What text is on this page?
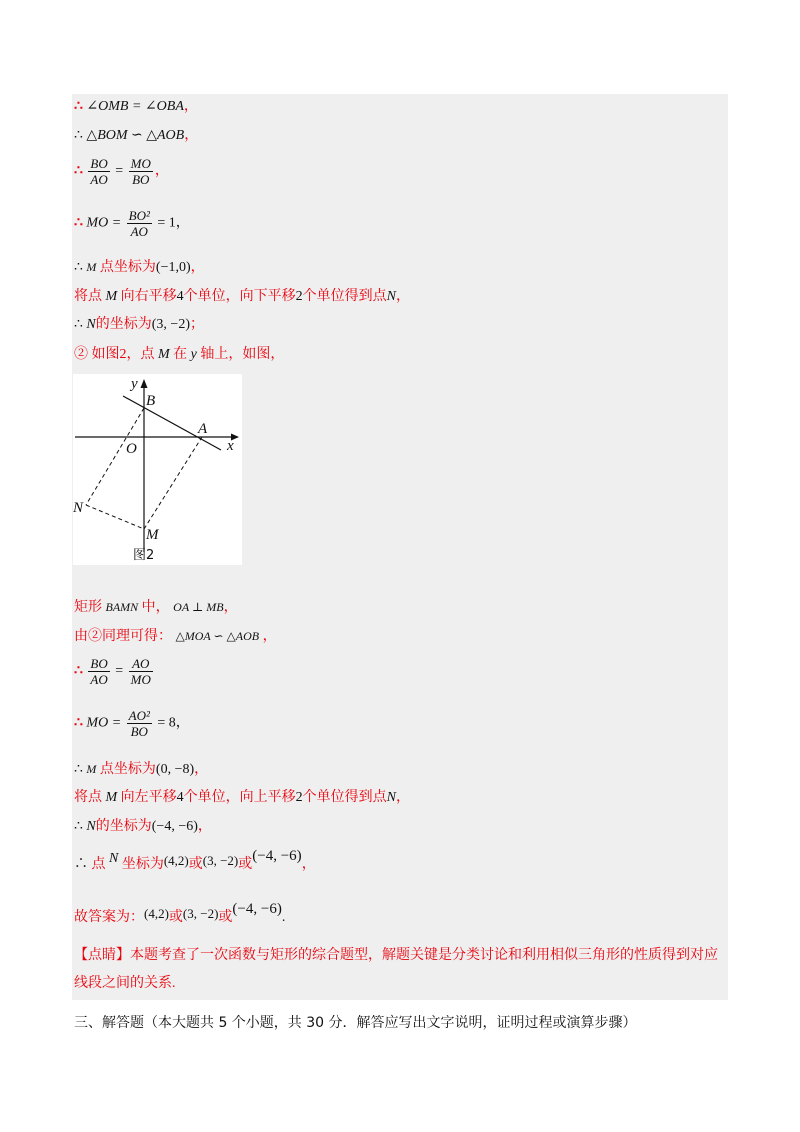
∴ ∠OMB = ∠OBA，
∴ △BOM ∽ △AOB，
∴ $\frac{BO}{AO} = \frac{MO}{BO}$ ，
∴ MO = $\frac{\text{BO²}}{AO} = 1$，
∴ M 点坐标为(−1,0)，
将点 M 向右平移4个单位，向下平移2个单位得到点N，
∴ N的坐标为(3, −2)；
② 如图2，点 M 在 y 轴上，如图，
y
x
B
A
O
N
M
图2
矩形 BAMN 中， OA ⊥ MB，
由②同理可得： △MOA ∽ △AOB ，
∴ $\frac{BO}{AO} = \frac{AO}{MO}$
∴ MO = $\frac{\text{AO²}}{BO} = 8$，
∴ M 点坐标为(0, −8)，
将点 M 向左平移4个单位，向上平移2个单位得到点N，
∴ N的坐标为(−4, −6)，
∴ 点 N 坐标为(4,2)或(3, −2)或(−4, −6)，
故答案为：(4,2)或(3, −2)或(−4, −6).
【点睛】本题考查了一次函数与矩形的综合题型，解题关键是分类讨论和利用相似三角形的性质得到对应线段之间的关系.
三、解答题（本大题共 5 个小题，共 30 分．解答应写出文字说明，证明过程或演算步骤）
